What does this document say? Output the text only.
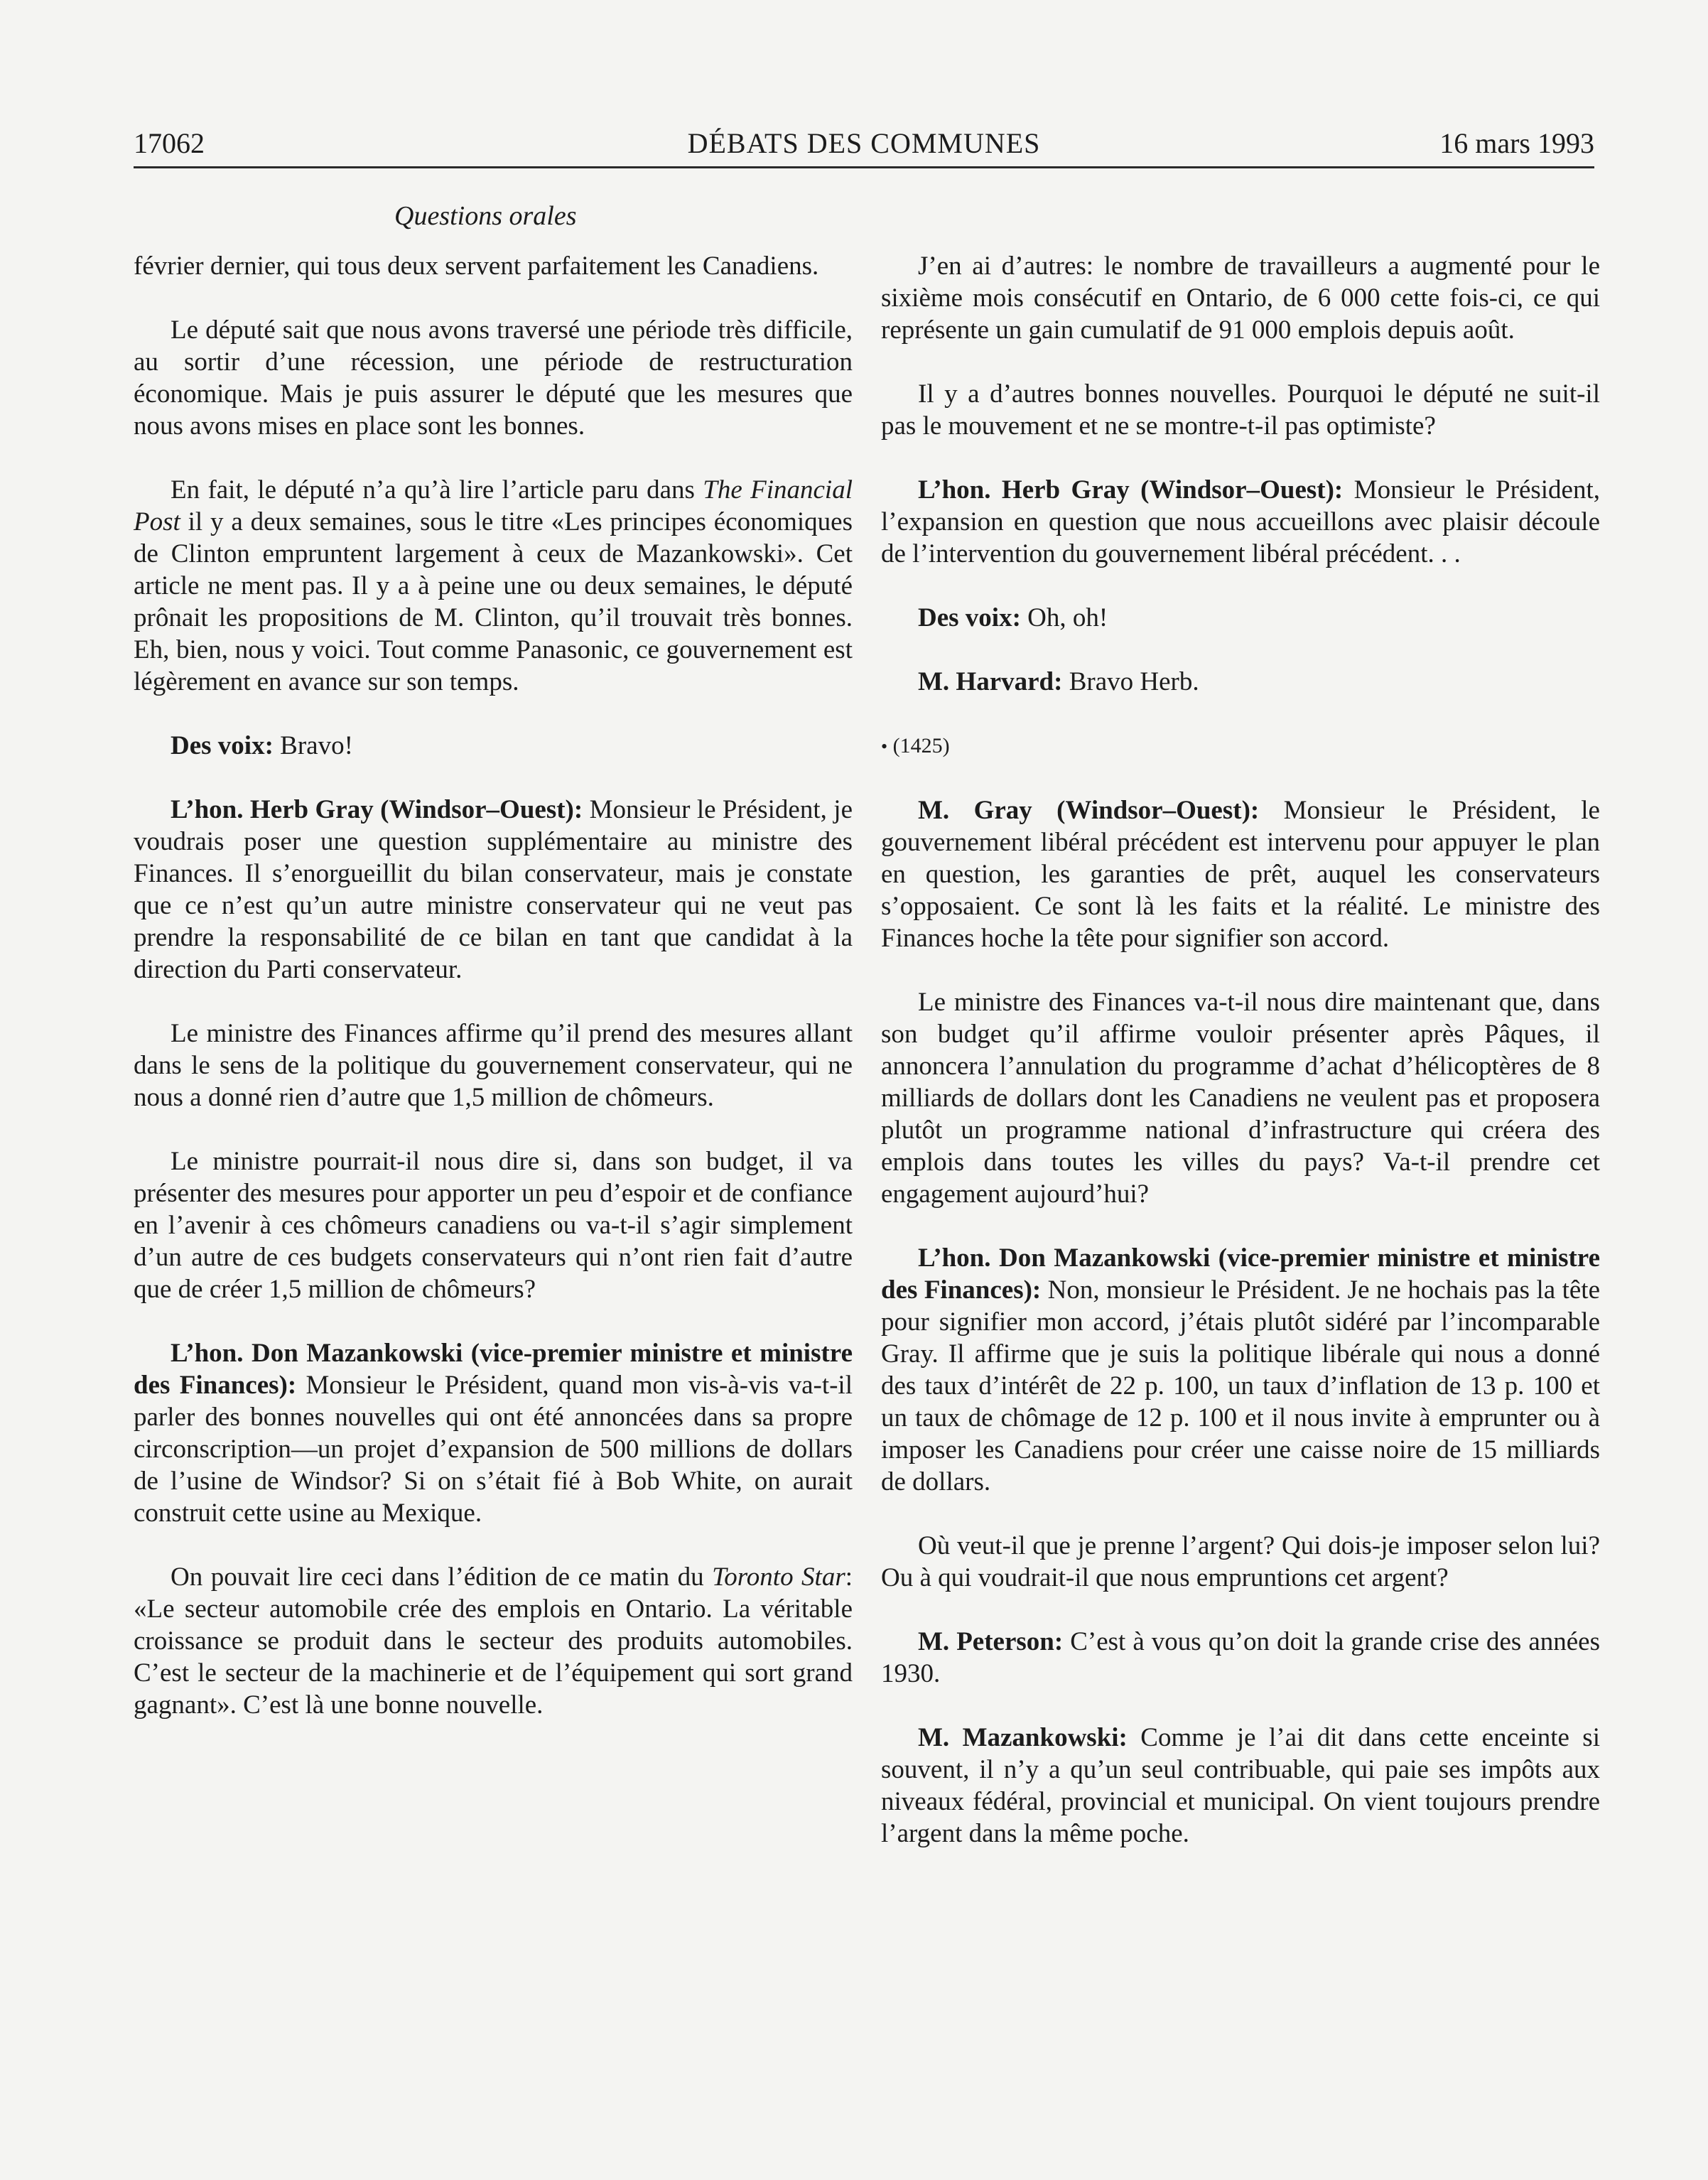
17062	DÉBATS DES COMMUNES	16 mars 1993
Questions orales

février dernier, qui tous deux servent parfaitement les Canadiens.

Le député sait que nous avons traversé une période très difficile, au sortir d’une récession, une période de restructuration économique. Mais je puis assurer le député que les mesures que nous avons mises en place sont les bonnes.

En fait, le député n’a qu’à lire l’article paru dans The Financial Post il y a deux semaines, sous le titre «Les principes économiques de Clinton empruntent largement à ceux de Mazankowski». Cet article ne ment pas. Il y a à peine une ou deux semaines, le député prônait les propositions de M. Clinton, qu’il trouvait très bonnes. Eh, bien, nous y voici. Tout comme Panasonic, ce gouvernement est légèrement en avance sur son temps.

Des voix: Bravo!

L’hon. Herb Gray (Windsor–Ouest): Monsieur le Président, je voudrais poser une question supplémentaire au ministre des Finances. Il s’enorgueillit du bilan conservateur, mais je constate que ce n’est qu’un autre ministre conservateur qui ne veut pas prendre la responsabilité de ce bilan en tant que candidat à la direction du Parti conservateur.

Le ministre des Finances affirme qu’il prend des mesures allant dans le sens de la politique du gouvernement conservateur, qui ne nous a donné rien d’autre que 1,5 million de chômeurs.

Le ministre pourrait-il nous dire si, dans son budget, il va présenter des mesures pour apporter un peu d’espoir et de confiance en l’avenir à ces chômeurs canadiens ou va-t-il s’agir simplement d’un autre de ces budgets conservateurs qui n’ont rien fait d’autre que de créer 1,5 million de chômeurs?

L’hon. Don Mazankowski (vice-premier ministre et ministre des Finances): Monsieur le Président, quand mon vis-à-vis va-t-il parler des bonnes nouvelles qui ont été annoncées dans sa propre circonscription—un projet d’expansion de 500 millions de dollars de l’usine de Windsor? Si on s’était fié à Bob White, on aurait construit cette usine au Mexique.

On pouvait lire ceci dans l’édition de ce matin du Toronto Star: «Le secteur automobile crée des emplois en Ontario. La véritable croissance se produit dans le secteur des produits automobiles. C’est le secteur de la machinerie et de l’équipement qui sort grand gagnant». C’est là une bonne nouvelle.

J’en ai d’autres: le nombre de travailleurs a augmenté pour le sixième mois consécutif en Ontario, de 6 000 cette fois-ci, ce qui représente un gain cumulatif de 91 000 emplois depuis août.

Il y a d’autres bonnes nouvelles. Pourquoi le député ne suit-il pas le mouvement et ne se montre-t-il pas optimiste?

L’hon. Herb Gray (Windsor–Ouest): Monsieur le Président, l’expansion en question que nous accueillons avec plaisir découle de l’intervention du gouvernement libéral précédent. . .

Des voix: Oh, oh!

M. Harvard: Bravo Herb.

• (1425)

M. Gray (Windsor–Ouest): Monsieur le Président, le gouvernement libéral précédent est intervenu pour appuyer le plan en question, les garanties de prêt, auquel les conservateurs s’opposaient. Ce sont là les faits et la réalité. Le ministre des Finances hoche la tête pour signifier son accord.

Le ministre des Finances va-t-il nous dire maintenant que, dans son budget qu’il affirme vouloir présenter après Pâques, il annoncera l’annulation du programme d’achat d’hélicoptères de 8 milliards de dollars dont les Canadiens ne veulent pas et proposera plutôt un programme national d’infrastructure qui créera des emplois dans toutes les villes du pays? Va-t-il prendre cet engagement aujourd’hui?

L’hon. Don Mazankowski (vice-premier ministre et ministre des Finances): Non, monsieur le Président. Je ne hochais pas la tête pour signifier mon accord, j’étais plutôt sidéré par l’incomparable Gray. Il affirme que je suis la politique libérale qui nous a donné des taux d’intérêt de 22 p. 100, un taux d’inflation de 13 p. 100 et un taux de chômage de 12 p. 100 et il nous invite à emprunter ou à imposer les Canadiens pour créer une caisse noire de 15 milliards de dollars.

Où veut-il que je prenne l’argent? Qui dois-je imposer selon lui? Ou à qui voudrait-il que nous empruntions cet argent?

M. Peterson: C’est à vous qu’on doit la grande crise des années 1930.

M. Mazankowski: Comme je l’ai dit dans cette enceinte si souvent, il n’y a qu’un seul contribuable, qui paie ses impôts aux niveaux fédéral, provincial et municipal. On vient toujours prendre l’argent dans la même poche.
